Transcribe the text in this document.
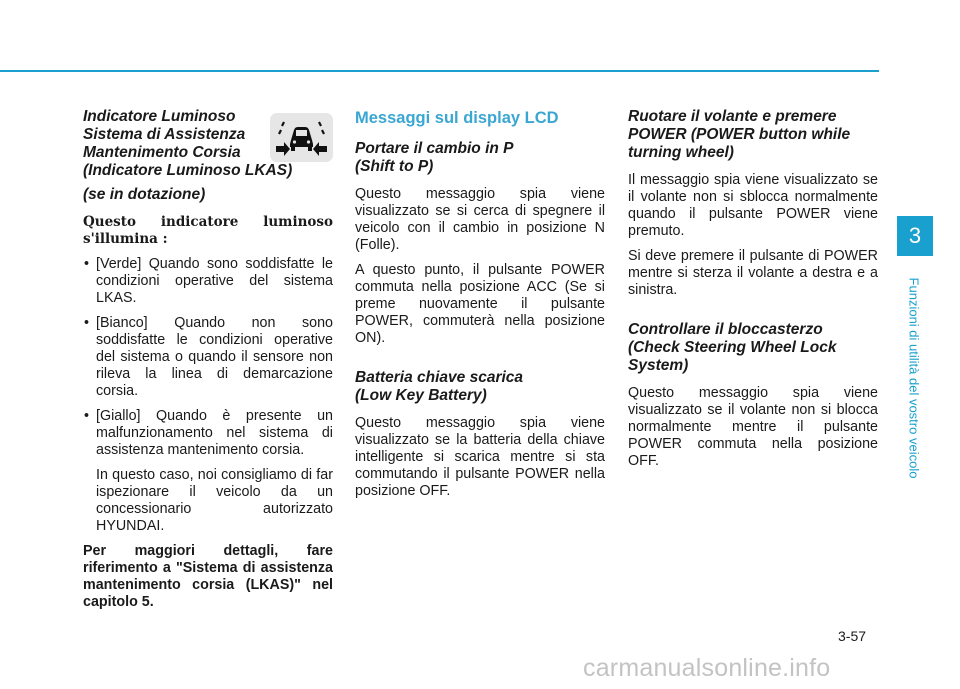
3
Funzioni di utilità del vostro veicolo
Indicatore Luminoso
Sistema di Assistenza
Mantenimento Corsia
(Indicatore Luminoso LKAS)
(se in dotazione)

Questo indicatore luminoso s'illumina :

• [Verde] Quando sono soddisfatte le condizioni operative del sistema LKAS.
• [Bianco] Quando non sono soddisfatte le condizioni operative del sistema o quando il sensore non rileva la linea di demarcazione corsia.
• [Giallo] Quando è presente un malfunzionamento nel sistema di assistenza mantenimento corsia.
In questo caso, noi consigliamo di far ispezionare il veicolo da un concessionario autorizzato HYUNDAI.

Per maggiori dettagli, fare riferimento a "Sistema di assistenza mantenimento corsia (LKAS)" nel capitolo 5.

Messaggi sul display LCD
Portare il cambio in P
(Shift to P)

Questo messaggio spia viene visualizzato se si cerca di spegnere il veicolo con il cambio in posizione N (Folle).

A questo punto, il pulsante POWER commuta nella posizione ACC (Se si preme nuovamente il pulsante POWER, commuterà nella posizione ON).

Batteria chiave scarica
(Low Key Battery)

Questo messaggio spia viene visualizzato se la batteria della chiave intelligente si scarica mentre si sta commutando il pulsante POWER nella posizione OFF.

Ruotare il volante e premere
POWER (POWER button while
turning wheel)

Il messaggio spia viene visualizzato se il volante non si sblocca normalmente quando il pulsante POWER viene premuto.

Si deve premere il pulsante di POWER mentre si sterza il volante a destra e a sinistra.

Controllare il bloccasterzo
(Check Steering Wheel Lock
System)

Questo messaggio spia viene visualizzato se il volante non si blocca normalmente mentre il pulsante POWER commuta nella posizione OFF.

3-57
carmanualsonline.info
